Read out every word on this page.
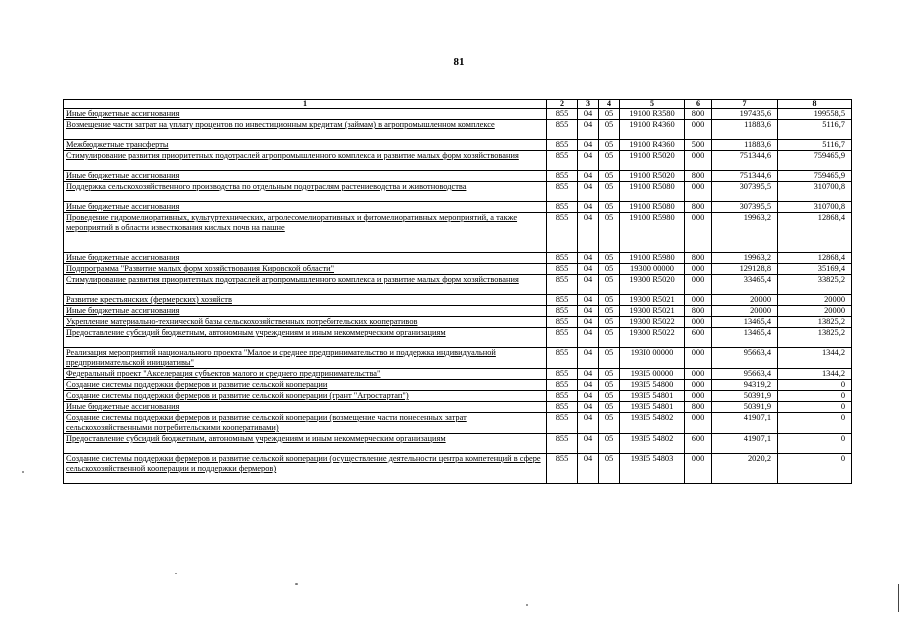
81
1	2	3	4	5	6	7	8
Иные бюджетные ассигнования	855	04	05	19100 R3580	800	197435,6	199558,5
Возмещение части затрат на уплату процентов по инвестиционным кредитам (займам) в агропромышленном комплексе	855	04	05	19100 R4360	000	11883,6	5116,7
Межбюджетные трансферты	855	04	05	19100 R4360	500	11883,6	5116,7
Стимулирование развития приоритетных подотраслей агропромышленного комплекса и развитие малых форм хозяйствования	855	04	05	19100 R5020	000	751344,6	759465,9
Иные бюджетные ассигнования	855	04	05	19100 R5020	800	751344,6	759465,9
Поддержка сельскохозяйственного производства по отдельным подотраслям растениеводства и животноводства	855	04	05	19100 R5080	000	307395,5	310700,8
Иные бюджетные ассигнования	855	04	05	19100 R5080	800	307395,5	310700,8
Проведение гидромелиоративных, культуртехнических, агролесомелиоративных и фитомелиоративных мероприятий, а также мероприятий в области известкования кислых почв на пашне	855	04	05	19100 R5980	000	19963,2	12868,4
Иные бюджетные ассигнования	855	04	05	19100 R5980	800	19963,2	12868,4
Подпрограмма "Развитие малых форм хозяйствования Кировской области"	855	04	05	19300 00000	000	129128,8	35169,4
Стимулирование развития приоритетных подотраслей агропромышленного комплекса и развитие малых форм хозяйствования	855	04	05	19300 R5020	000	33465,4	33825,2
Развитие крестьянских (фермерских) хозяйств	855	04	05	19300 R5021	000	20000	20000
Иные бюджетные ассигнования	855	04	05	19300 R5021	800	20000	20000
Укрепление материально-технической базы сельскохозяйственных потребительских кооперативов	855	04	05	19300 R5022	000	13465,4	13825,2
Предоставление субсидий бюджетным, автономным учреждениям и иным некоммерческим организациям	855	04	05	19300 R5022	600	13465,4	13825,2
Реализация мероприятий национального проекта "Малое и среднее предпринимательство и поддержка индивидуальной предпринимательской инициативы"	855	04	05	193I0 00000	000	95663,4	1344,2
Федеральный проект "Акселерация субъектов малого и среднего предпринимательства"	855	04	05	193I5 00000	000	95663,4	1344,2
Создание системы поддержки фермеров и развитие сельской кооперации	855	04	05	193I5 54800	000	94319,2	0
Создание системы поддержки фермеров и развитие сельской кооперации (грант "Агростартап")	855	04	05	193I5 54801	000	50391,9	0
Иные бюджетные ассигнования	855	04	05	193I5 54801	800	50391,9	0
Создание системы поддержки фермеров и развитие сельской кооперации (возмещение части понесенных затрат сельскохозяйственными потребительскими кооперативами)	855	04	05	193I5 54802	000	41907,1	0
Предоставление субсидий бюджетным, автономным учреждениям и иным некоммерческим организациям	855	04	05	193I5 54802	600	41907,1	0
Создание системы поддержки фермеров и развитие сельской кооперации (осуществление деятельности центра компетенций в сфере сельскохозяйственной кооперации и поддержки фермеров)	855	04	05	193I5 54803	000	2020,2	0
